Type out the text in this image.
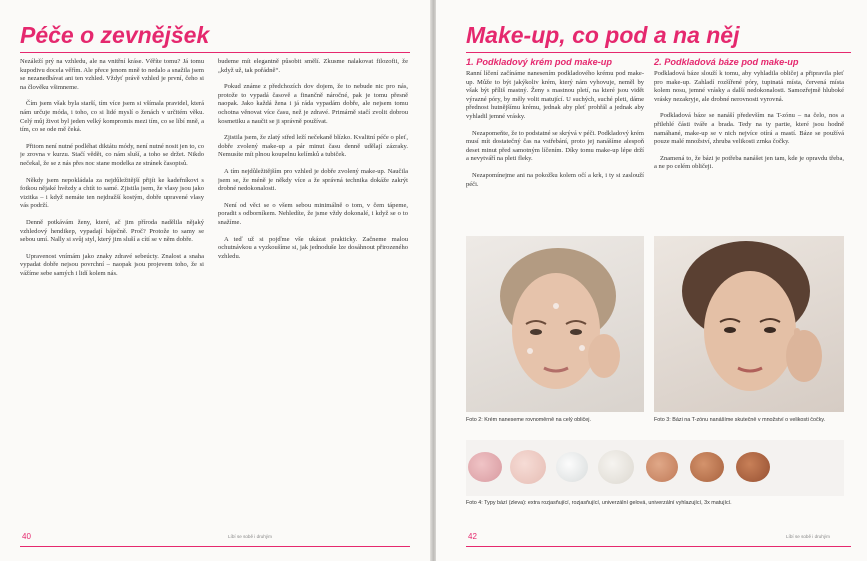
Péče o zevnějšek

Nezáleží prý na vzhledu, ale na vnitřní kráse. Věříte tomu? Já tomu kupodivu docela věřím. Ale přece jenom mně to nedalo a snažila jsem se nezanedbávat ani ten vzhled. Vždyť právě vzhled je první, čeho si na člověku všimneme.

Čím jsem však byla starší, tím více jsem si všímala pravidel, která nám určuje móda, i toho, co si lidé myslí o ženách v určitém věku. Celý můj život byl jeden velký kompromis mezi tím, co se líbí mně, a tím, co se ode mě čeká.

Přitom není nutné podléhat diktátu módy, není nutné nosit jen to, co je zrovna v kurzu. Stačí vědět, co nám sluší, a toho se držet. Nikdo nečekal, že se z nás přes noc stane modelka ze stránek časopisů.

Někdy jsem nepokládala za nejdůležitější přijít ke kadeřníkovi s fotkou nějaké hvězdy a chtít to samé. Zjistila jsem, že vlasy jsou jako vizitka – i když nemáte ten nejdražší kostým, dobře upravené vlasy vás podrží.

Denně potkávám ženy, které, ač jim příroda nadělila nějaký vzhledový hendikep, vypadají báječně. Proč? Protože to samy se sebou umí. Nally si svůj styl, který jim sluší a cítí se v něm dobře.

Upravenost vnímám jako znaky zdravé sebeúcty. Znalost a snaha vypadat dobře nejsou povrchní – naopak jsou projevem toho, že si vážíme sebe samých i lidí kolem nás.

budeme mít elegantně působit smělí. Zkusme nalakovat filozofii, že „když už, tak pořádně“.

Pokud známe z předchozích dov dojem, že to nebude nic pro nás, protože to vypadá časově a finančně náročné, pak je tomu přesně naopak. Jako každá žena i já ráda vypadám dobře, ale nejsem tomu ochotna věnovat více času, než je zdravé. Primárně stačí zvolit dobrou kosmetiku a naučit se ji správně používat.

Zjistila jsem, že zlatý střed leží nečekaně blízko. Kvalitní péče o pleť, dobře zvolený make-up a pár minut času denně udělají zázraky. Nemusíte mít plnou koupelnu kelímků a tubiček.

A tím nejdůležitějším pro vzhled je dobře zvolený make-up. Naučila jsem se, že méně je někdy více a že správná technika dokáže zakrýt drobné nedokonalosti.

Není od věci se o všem sebou minimálně o tom, v čem tápeme, poradit s odborníkem. Nehledíte, že jsme vždy dokonalé, i když se o to snažíme.

A teď už si pojďme vše ukázat prakticky. Začneme malou ochutnávkou a vyzkoušíme si, jak jednoduše lze dosáhnout přirozeného vzhledu.

40	Líbí se sobě i druhým
Make-up, co pod a na něj
1. Podkladový krém pod make-up	2. Podkladová báze pod make-up

Ranní líčení začínáme nanesením podkladového krému pod make-up. Může to být jakýkoliv krém, který nám vyhovuje, neměl by však být příliš mastný. Ženy s mastnou pletí, na které jsou vidět výrazné póry, by měly volit matující. U suchých, suché pleti, dáme přednost hutnějšímu krému, jednak aby pleť prohřál a jednak aby vyhladil jemné vrásky.

Nezapomeňte, že to podstatné se skrývá v péči. Podkladový krém musí mít dostatečný čas na vstřebání, proto jej nanášíme alespoň deset minut před samotným líčením. Díky tomu make-up lépe drží a nevytváří na pleti fleky.

Nezapomínejme ani na pokožku kolem očí a krk, i ty si zaslouží péči.

Podkladová báze slouží k tomu, aby vyhladila obličej a připravila pleť pro make-up. Zahladí rozšířené póry, tupinatá místa, červená místa kolem nosu, jemné vrásky a další nedokonalosti. Samozřejmě hluboké vrásky nezakryje, ale drobné nerovnosti vyrovná.

Podkladová báze se nanáší především na T-zónu – na čelo, nos a přilehlé části tváře a brada. Tedy na ty partie, které jsou hodně namáhané, make-up se v nich nejvíce otírá a mastí. Báze se používá pouze malé množství, zhruba velikosti zrnka čočky.

Znamená to, že bázi je potřeba nanášet jen tam, kde je opravdu třeba, a ne po celém obličeji.

Foto 2: Krém naneseme rovnoměrně na celý obličej.	Foto 3: Bázi na T-zónu nanášíme skutečně v množství o velikosti čočky.
Foto 4: Typy bází (zleva): extra rozjasňující, rozjasňující, univerzální gelová, univerzální vyhlazující, 3x matující.
42	Líbí se sobě i druhým
